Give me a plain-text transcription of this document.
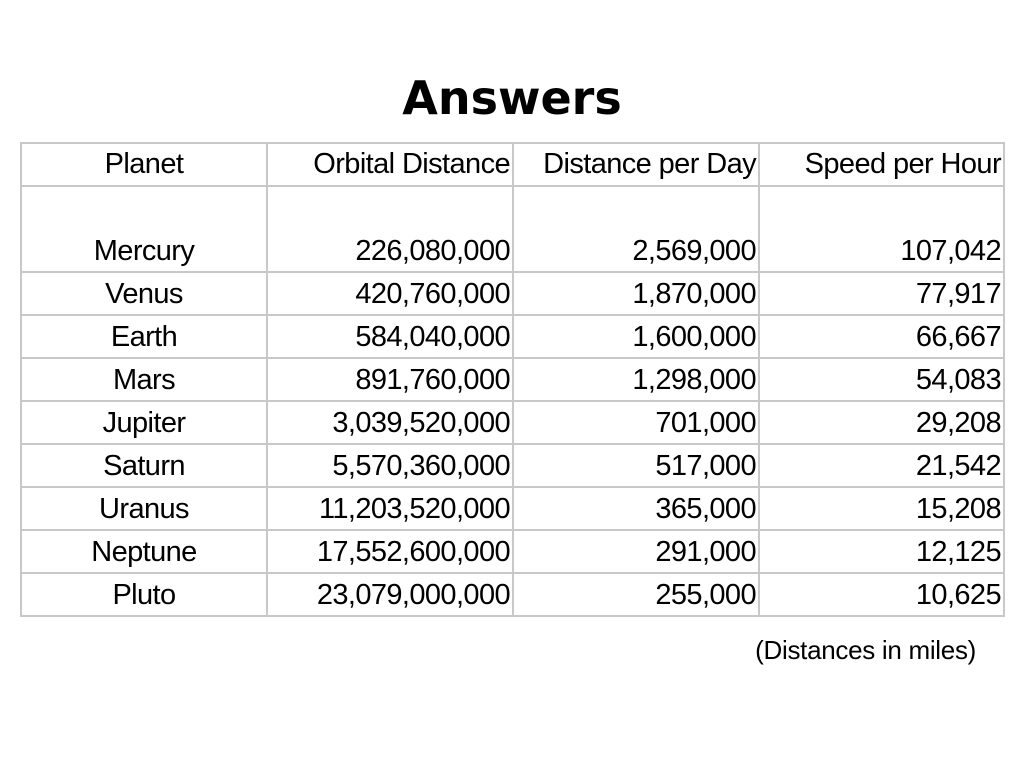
Answers
Planet	Orbital Distance	Distance per Day	Speed per Hour

Mercury	226,080,000	2,569,000	107,042

Venus	420,760,000	1,870,000	77,917

Earth	584,040,000	1,600,000	66,667

Mars	891,760,000	1,298,000	54,083

Jupiter	3,039,520,000	701,000	29,208

Saturn	5,570,360,000	517,000	21,542

Uranus	11,203,520,000	365,000	15,208

Neptune	17,552,600,000	291,000	12,125

Pluto	23,079,000,000	255,000	10,625
(Distances in miles)
